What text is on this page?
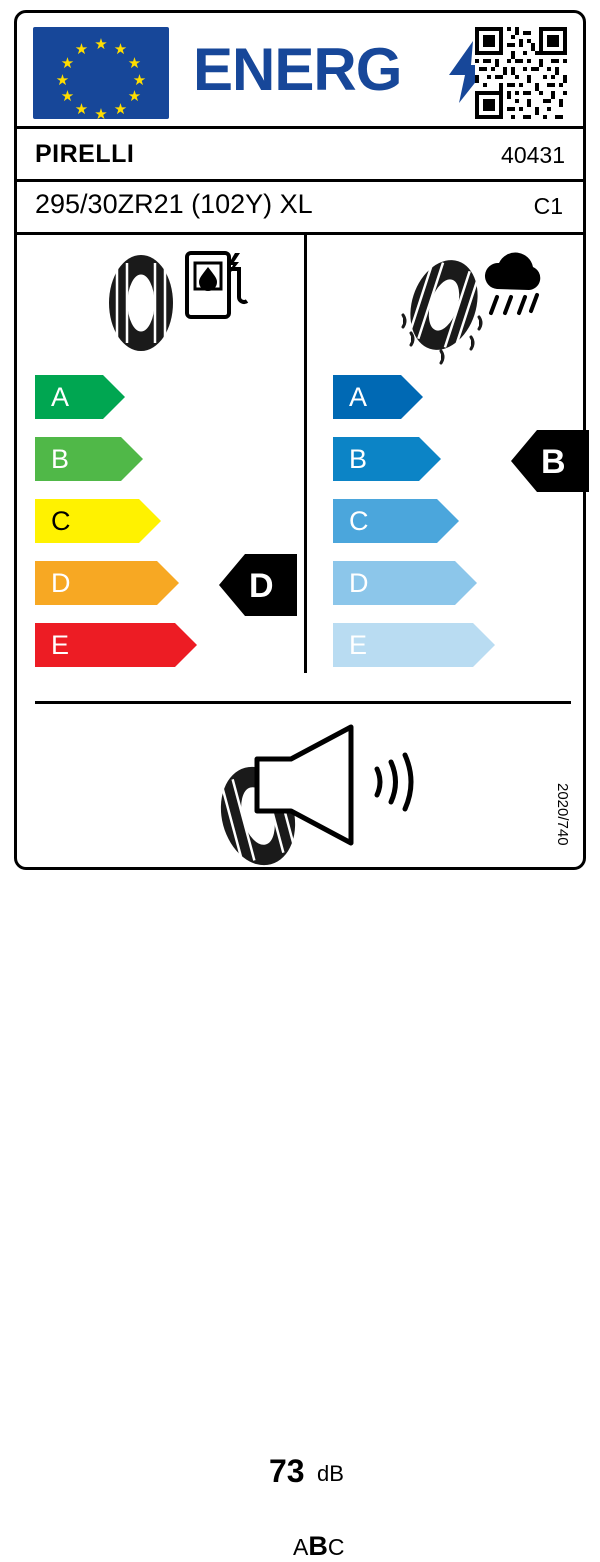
★
★ ★
★	★
★	★
★	★
★ ★
★
ENERG
PIRELLI	40431
295/30ZR21 (102Y) XL	C1
A
B
C
D
E
D
A
B
C
D
E
B
73 dB
ABC
2020/740
